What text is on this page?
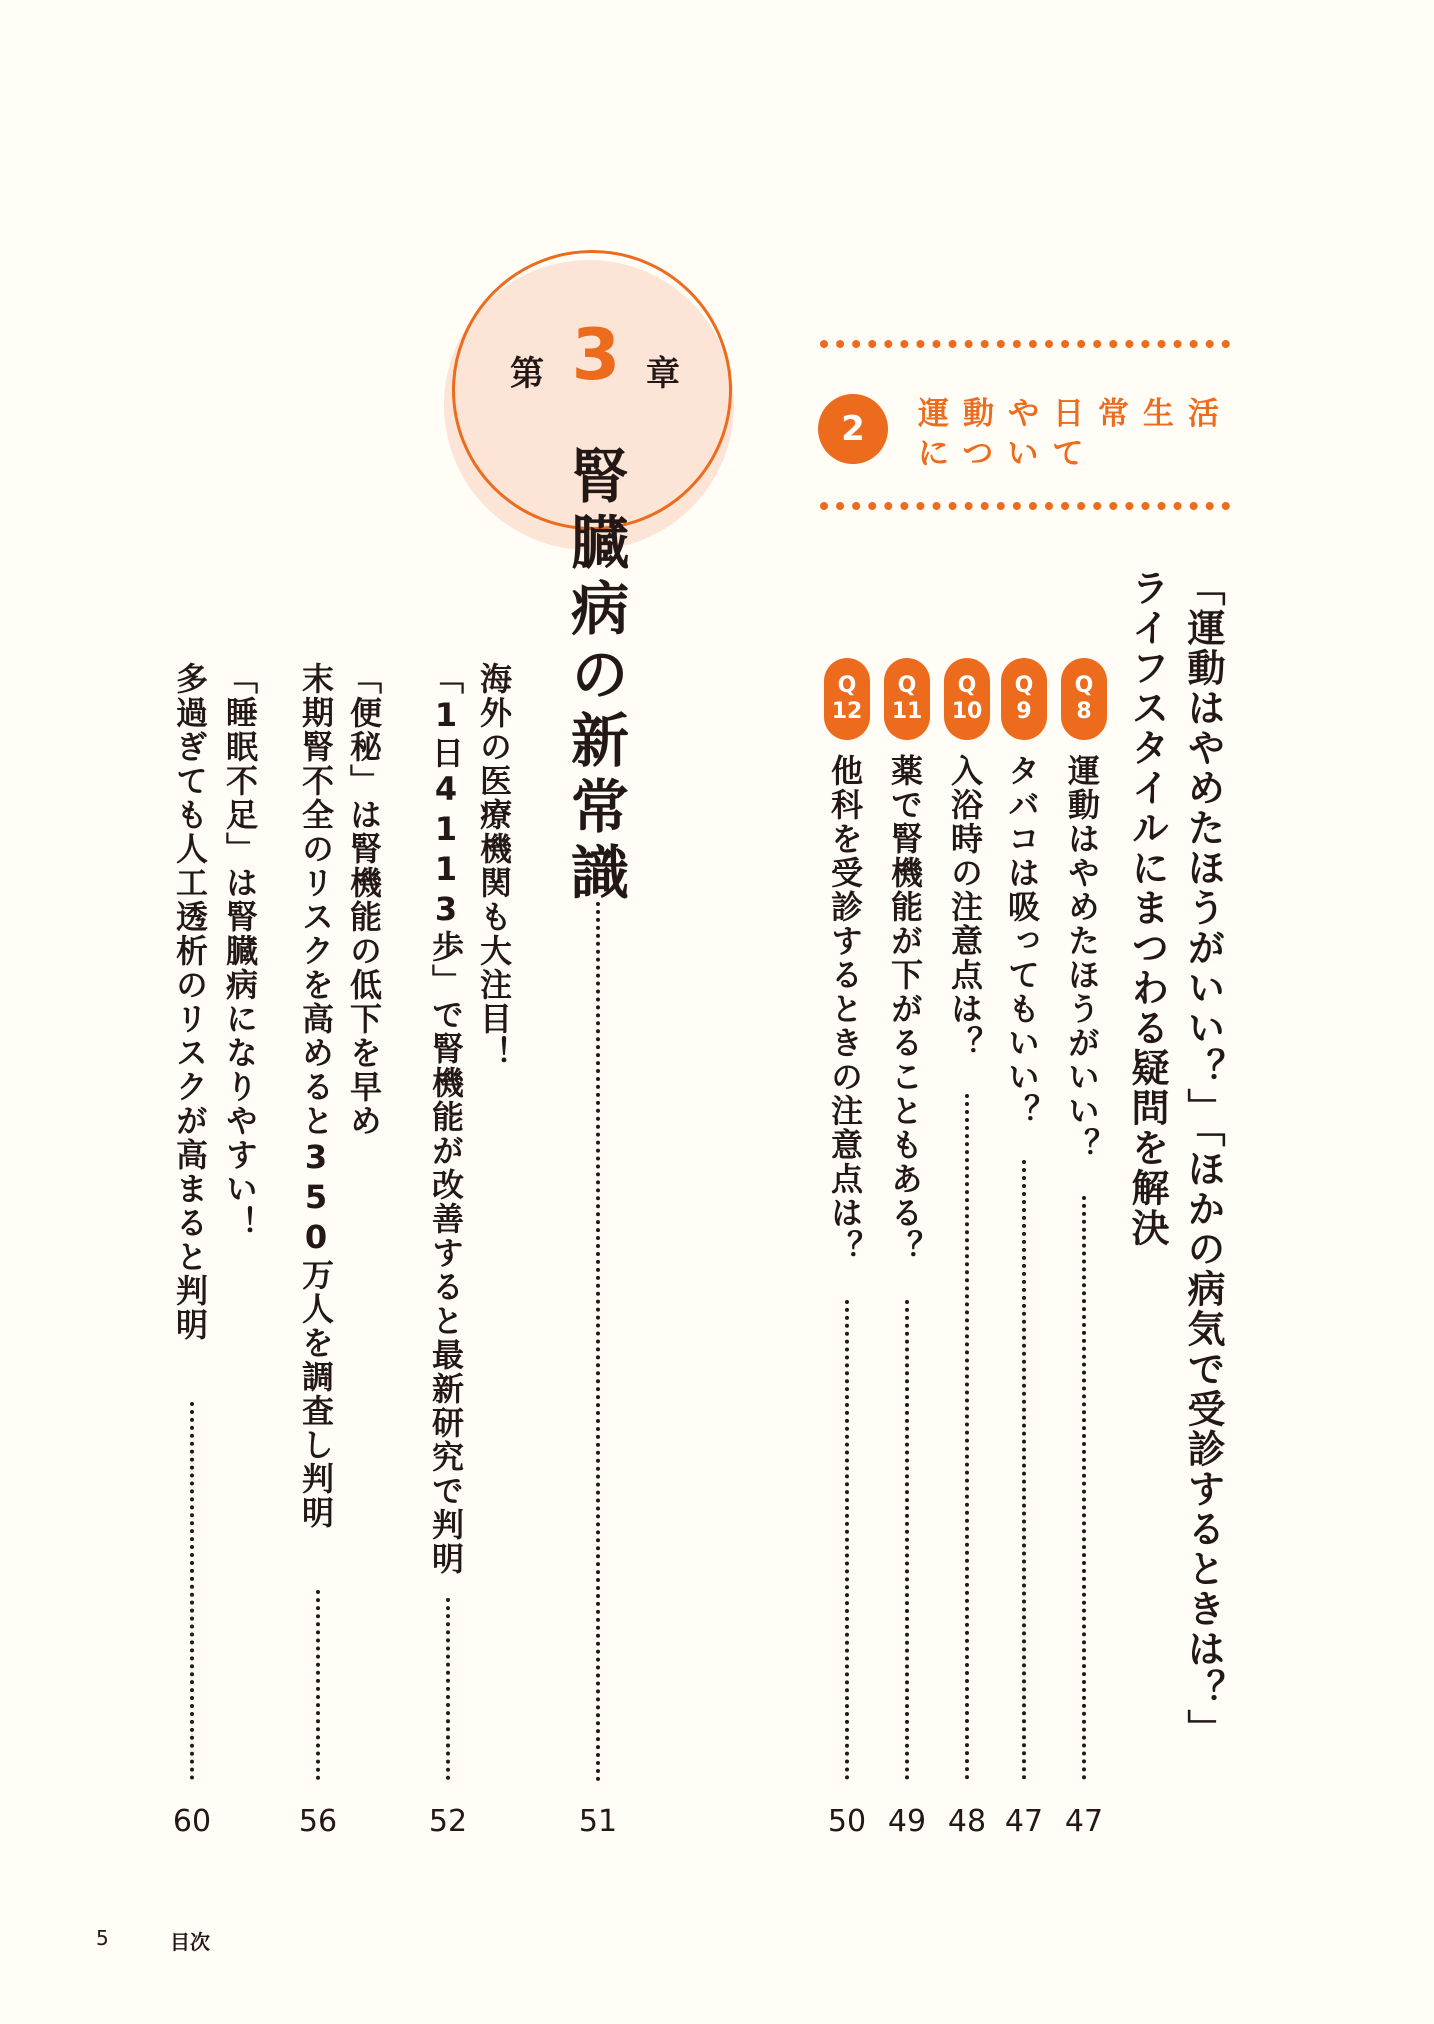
第 3 章
腎臓病の新常識
51
2	運動や日常生活
について
「運動はやめたほうがいい？」「ほかの病気で受診するときは？」
ライフスタイルにまつわる疑問を解決
Q
8
運動はやめたほうがいい？
47
Q
9
タバコは吸ってもいい？
47
Q
10
入浴時の注意点は？
48
Q
11
薬で腎機能が下がることもある？
49
Q
12
他科を受診するときの注意点は？
50
海外の医療機関も大注目！
「1日4113歩」で腎機能が改善すると最新研究で判明
52
「便秘」は腎機能の低下を早め
末期腎不全のリスクを高めると350万人を調査し判明
56
「睡眠不足」は腎臓病になりやすい！
多過ぎても人工透析のリスクが高まると判明
60
5	目次
